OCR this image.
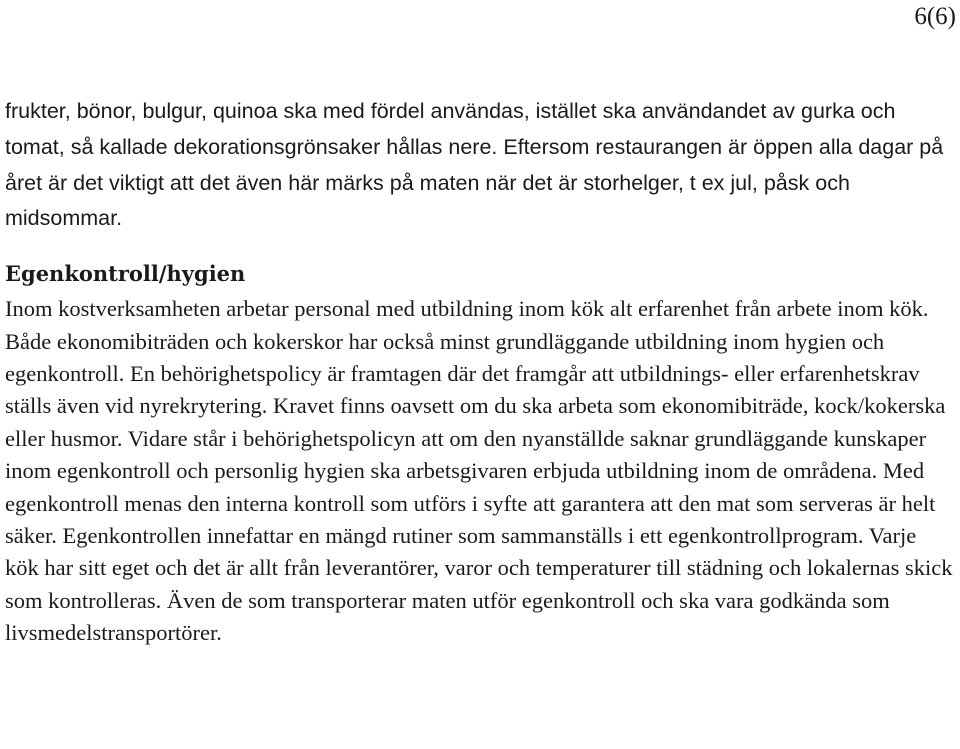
6(6)

frukter, bönor, bulgur, quinoa ska med fördel användas, istället ska användandet av gurka och tomat, så kallade dekorationsgrönsaker hållas nere. Eftersom restaurangen är öppen alla dagar på året är det viktigt att det även här märks på maten när det är storhelger, t ex jul, påsk och midsommar.

Egenkontroll/hygien

Inom kostverksamheten arbetar personal med utbildning inom kök alt erfarenhet från arbete inom kök. Både ekonomibiträden och kokerskor har också minst grundläggande utbildning inom hygien och egenkontroll. En behörighetspolicy är framtagen där det framgår att utbildnings- eller erfarenhetskrav ställs även vid nyrekrytering. Kravet finns oavsett om du ska arbeta som ekonomibiträde, kock/kokerska eller husmor. Vidare står i behörighetspolicyn att om den nyanställde saknar grundläggande kunskaper inom egenkontroll och personlig hygien ska arbetsgivaren erbjuda utbildning inom de områdena. Med egenkontroll menas den interna kontroll som utförs i syfte att garantera att den mat som serveras är helt säker. Egenkontrollen innefattar en mängd rutiner som sammanställs i ett egenkontrollprogram. Varje kök har sitt eget och det är allt från leverantörer, varor och temperaturer till städning och lokalernas skick som kontrolleras. Även de som transporterar maten utför egenkontroll och ska vara godkända som livsmedelstransportörer.
